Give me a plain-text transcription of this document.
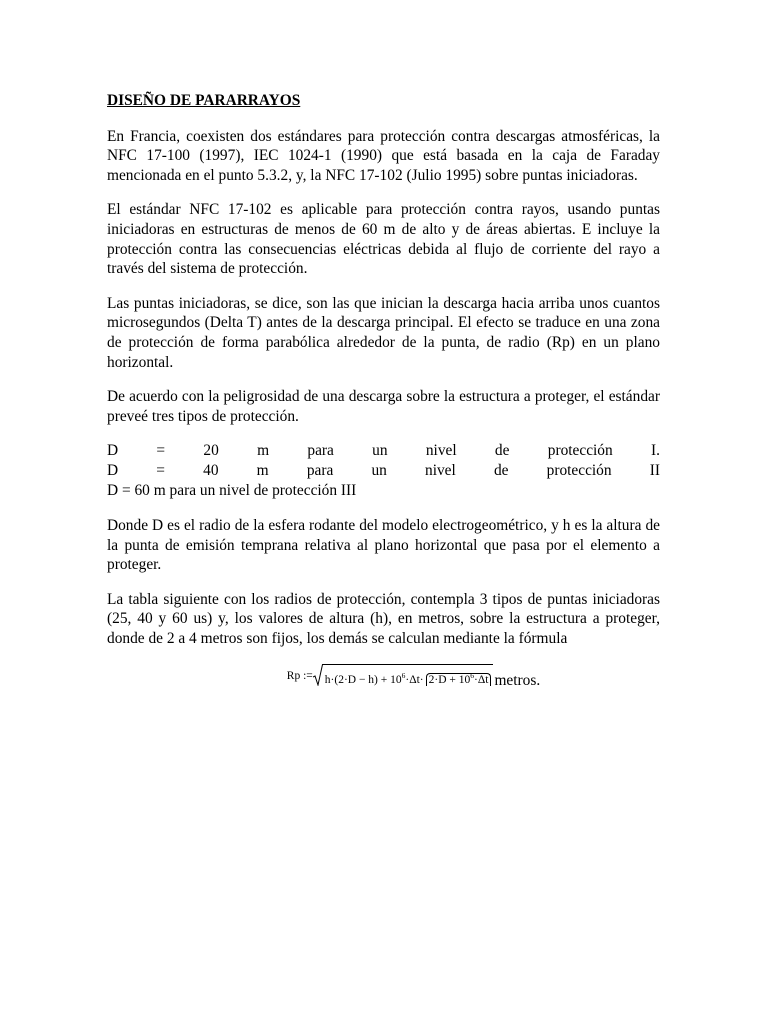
DISEÑO DE PARARRAYOS

En Francia, coexisten dos estándares para protección contra descargas atmosféricas, la NFC 17-100 (1997), IEC 1024-1 (1990) que está basada en la caja de Faraday mencionada en el punto 5.3.2, y, la NFC 17-102 (Julio 1995) sobre puntas iniciadoras.

El estándar NFC 17-102 es aplicable para protección contra rayos, usando puntas iniciadoras en estructuras de menos de 60 m de alto y de áreas abiertas. E incluye la protección contra las consecuencias eléctricas debida al flujo de corriente del rayo a través del sistema de protección.

Las puntas iniciadoras, se dice, son las que inician la descarga hacia arriba unos cuantos microsegundos (Delta T) antes de la descarga principal. El efecto se traduce en una zona de protección de forma parabólica alrededor de la punta, de radio (Rp) en un plano horizontal.

De acuerdo con la peligrosidad de una descarga sobre la estructura a proteger, el estándar preveé tres tipos de protección.

D = 20 m para un nivel de protección I.
D = 40 m para un nivel de protección II
D = 60 m para un nivel de protección III

Donde D es el radio de la esfera rodante del modelo electrogeométrico, y h es la altura de la punta de emisión temprana relativa al plano horizontal que pasa por el elemento a proteger.

La tabla siguiente con los radios de protección, contempla 3 tipos de puntas iniciadoras (25, 40 y 60 us) y, los valores de altura (h), en metros, sobre la estructura a proteger, donde de 2 a 4 metros son fijos, los demás se calculan mediante la fórmula

Rp := $h\cdot(2\cdot D - h) + 10^6\cdot\Delta t\cdot 2\cdot D + 10^6\cdot\Delta t$ metros.
